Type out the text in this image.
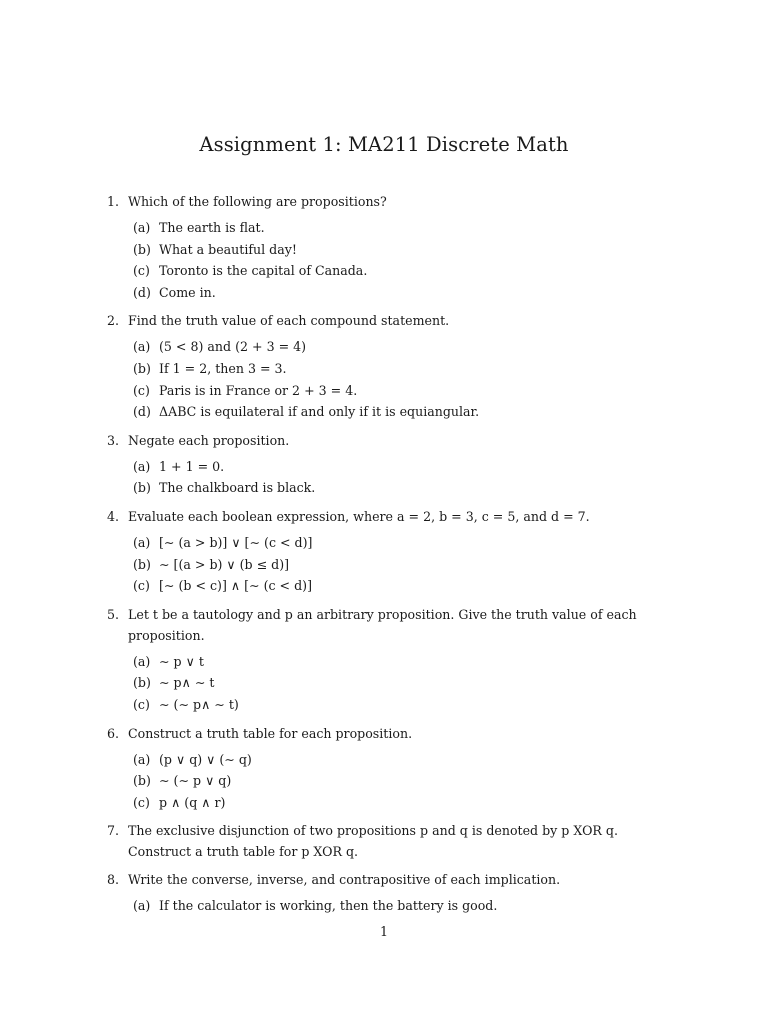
Assignment 1: MA211 Discrete Math
1. Which of the following are propositions?
(a) The earth is flat.
(b) What a beautiful day!
(c) Toronto is the capital of Canada.
(d) Come in.
2. Find the truth value of each compound statement.
(a) (5 < 8) and (2 + 3 = 4)
(b) If 1 = 2, then 3 = 3.
(c) Paris is in France or 2 + 3 = 4.
(d) ΔABC is equilateral if and only if it is equiangular.
3. Negate each proposition.
(a) 1 + 1 = 0.
(b) The chalkboard is black.
4. Evaluate each boolean expression, where a = 2, b = 3, c = 5, and d = 7.
(a) [∼ (a > b)] ∨ [∼ (c < d)]
(b) ∼ [(a > b) ∨ (b ≤ d)]
(c) [∼ (b < c)] ∧ [∼ (c < d)]
5. Let t be a tautology and p an arbitrary proposition. Give the truth value of each proposition.
(a) ∼ p ∨ t
(b) ∼ p∧ ∼ t
(c) ∼ (∼ p∧ ∼ t)
6. Construct a truth table for each proposition.
(a) (p ∨ q) ∨ (∼ q)
(b) ∼ (∼ p ∨ q)
(c) p ∧ (q ∧ r)
7. The exclusive disjunction of two propositions p and q is denoted by p XOR q. Construct a truth table for p XOR q.
8. Write the converse, inverse, and contrapositive of each implication.
(a) If the calculator is working, then the battery is good.
1
